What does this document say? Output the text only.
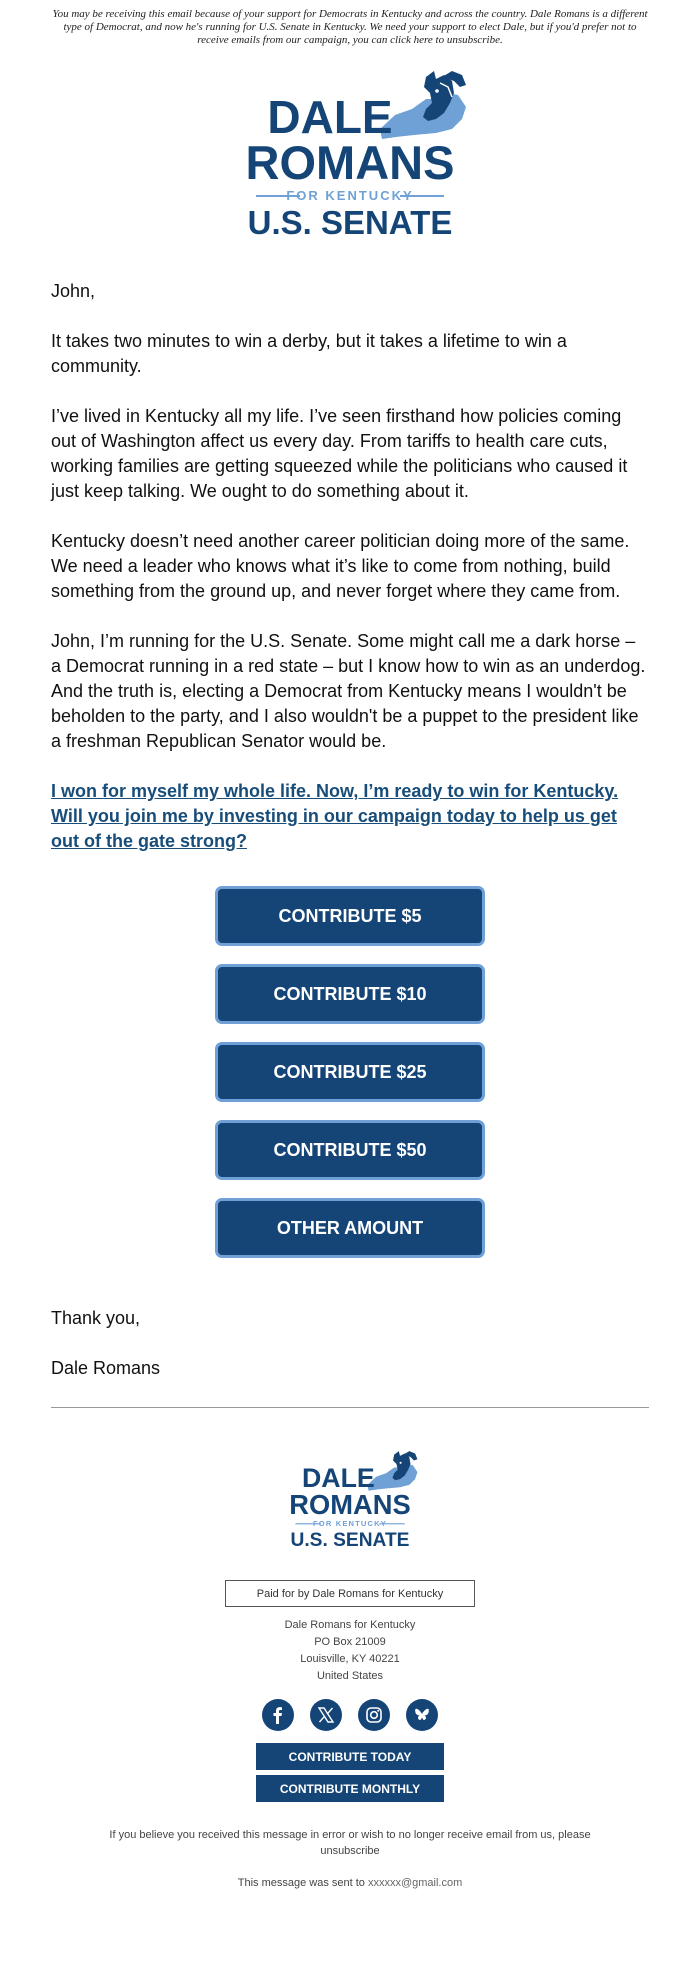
You may be receiving this email because of your support for Democrats in Kentucky and across the country. Dale Romans is a different type of Democrat, and now he's running for U.S. Senate in Kentucky. We need your support to elect Dale, but if you'd prefer not to receive emails from our campaign, you can click here to unsubscribe.
DALE
ROMANS
FOR KENTUCKY
U.S. SENATE

John,

It takes two minutes to win a derby, but it takes a lifetime to win a community.

I’ve lived in Kentucky all my life. I’ve seen firsthand how policies coming out of Washington affect us every day. From tariffs to health care cuts, working families are getting squeezed while the politicians who caused it just keep talking. We ought to do something about it.

Kentucky doesn’t need another career politician doing more of the same. We need a leader who knows what it’s like to come from nothing, build something from the ground up, and never forget where they came from.

John, I’m running for the U.S. Senate. Some might call me a dark horse – a Democrat running in a red state – but I know how to win as an underdog. And the truth is, electing a Democrat from Kentucky means I wouldn't be beholden to the party, and I also wouldn't be a puppet to the president like a freshman Republican Senator would be.

I won for myself my whole life. Now, I’m ready to win for Kentucky. Will you join me by investing in our campaign today to help us get out of the gate strong?
CONTRIBUTE $5
CONTRIBUTE $10
CONTRIBUTE $25
CONTRIBUTE $50
OTHER AMOUNT

Thank you,

Dale Romans

DALE
ROMANS
FOR KENTUCKY
U.S. SENATE
Paid for by Dale Romans for Kentucky
Dale Romans for Kentucky
PO Box 21009
Louisville, KY 40221
United States
CONTRIBUTE TODAY
CONTRIBUTE MONTHLY
If you believe you received this message in error or wish to no longer receive email from us, please
unsubscribe
This message was sent to xxxxxx@gmail.com
